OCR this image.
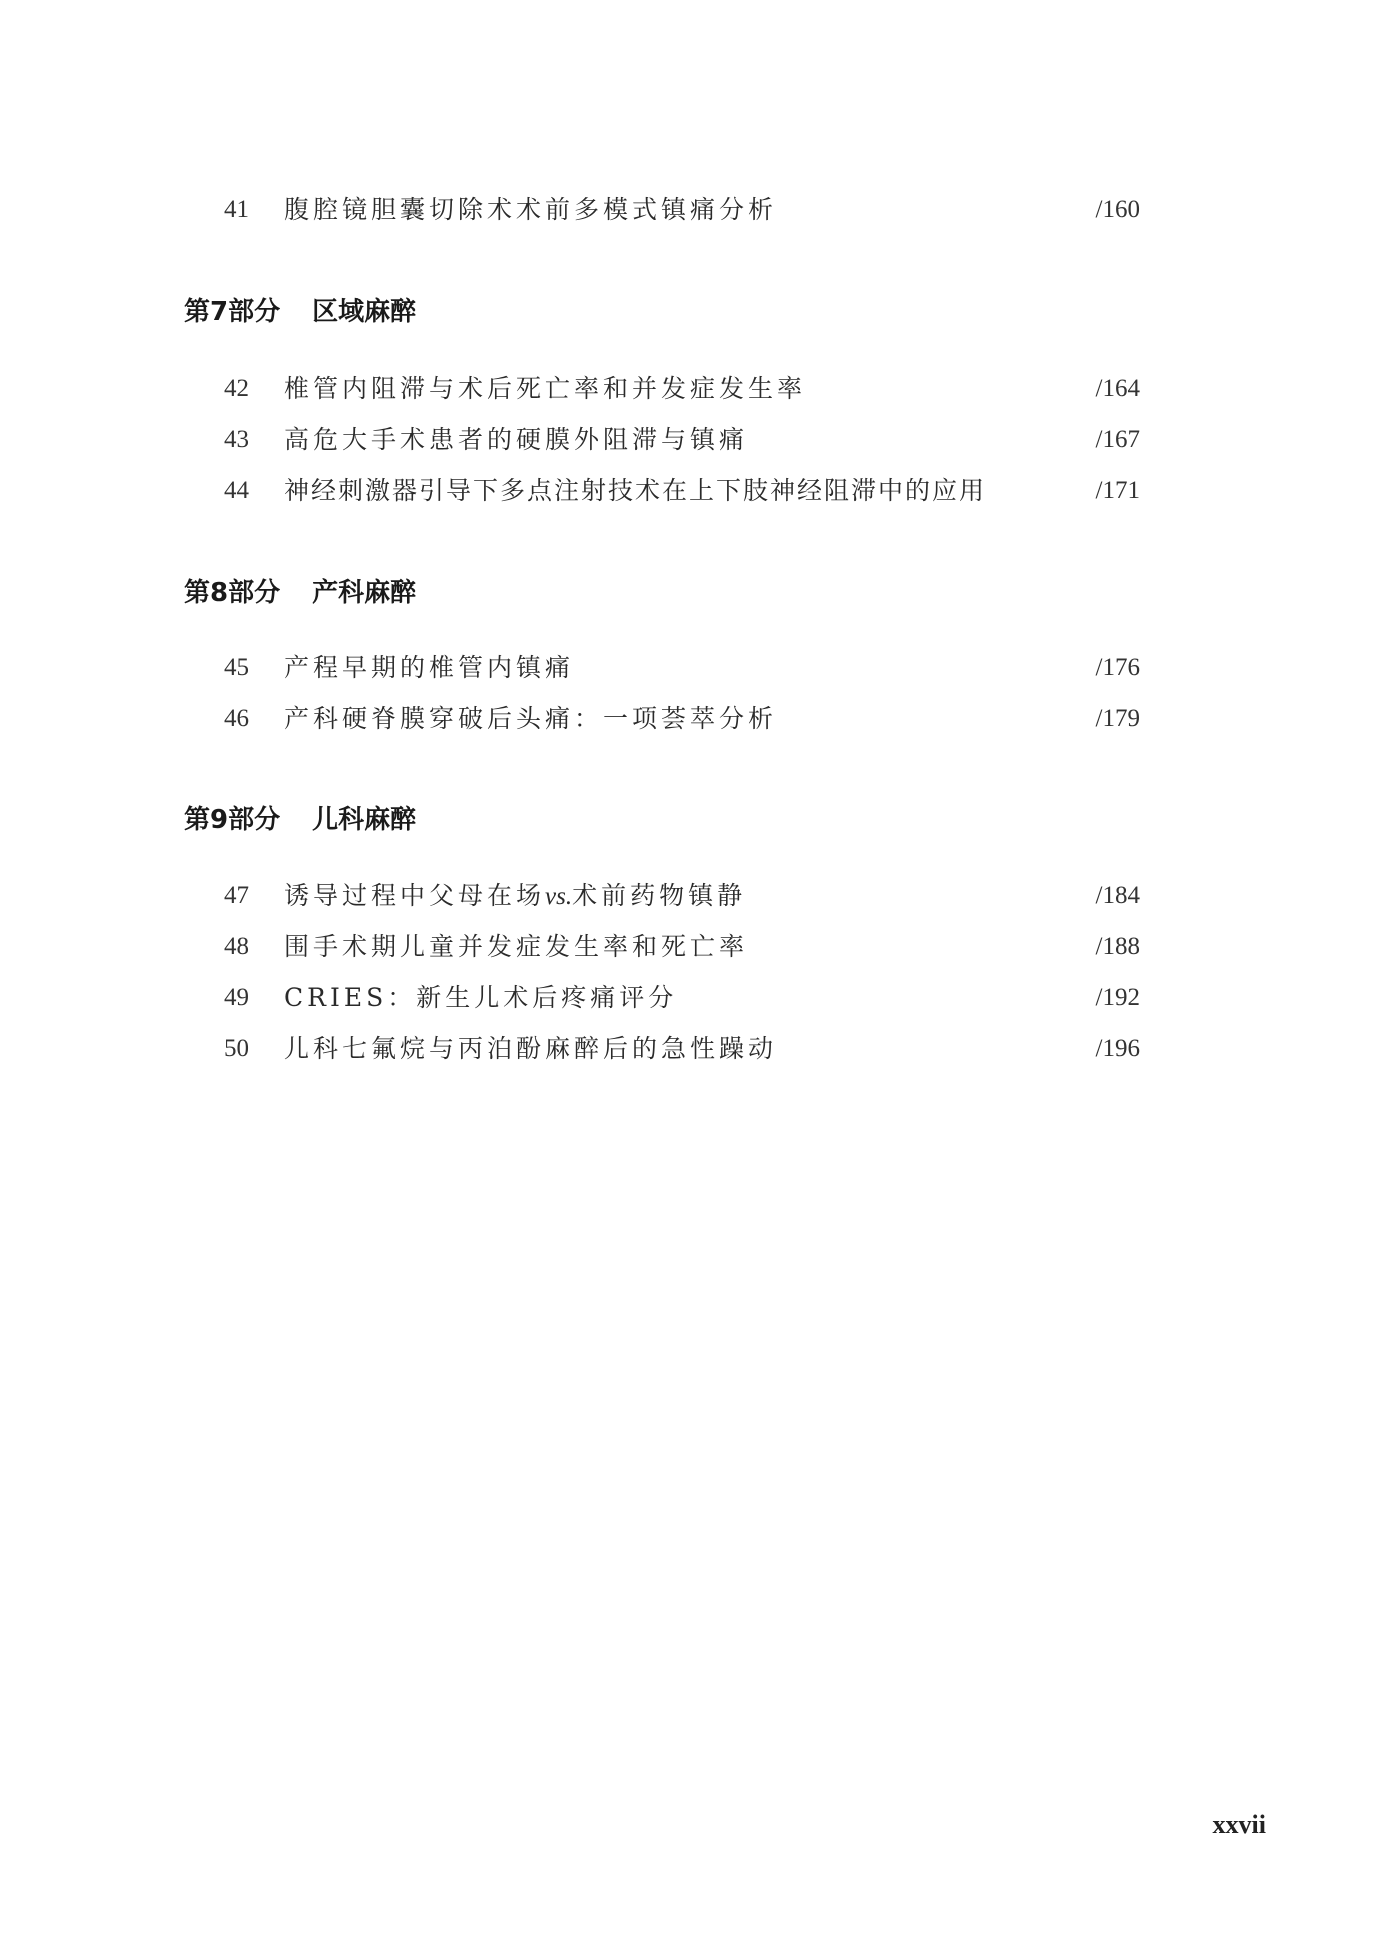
41 腹腔镜胆囊切除术术前多模式镇痛分析	/160
第7部分 区域麻醉
42 椎管内阻滞与术后死亡率和并发症发生率	/164
43 高危大手术患者的硬膜外阻滞与镇痛	/167
44 神经刺激器引导下多点注射技术在上下肢神经阻滞中的应用	/171
第8部分 产科麻醉
45 产程早期的椎管内镇痛	/176
46 产科硬脊膜穿破后头痛：一项荟萃分析	/179
第9部分 儿科麻醉
47 诱导过程中父母在场vs.术前药物镇静	/184
48 围手术期儿童并发症发生率和死亡率	/188
49 CRIES：新生儿术后疼痛评分	/192
50 儿科七氟烷与丙泊酚麻醉后的急性躁动	/196
xxvii
